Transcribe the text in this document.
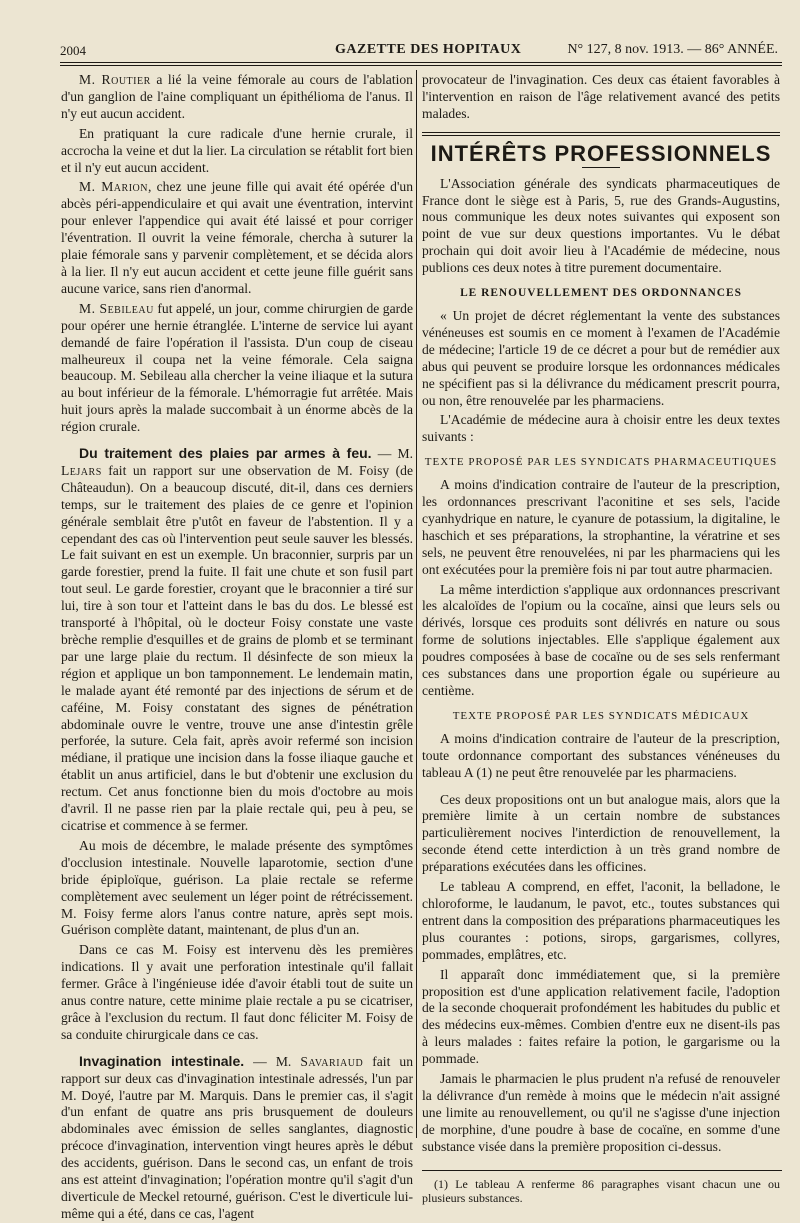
2004	GAZETTE DES HOPITAUX	N° 127, 8 nov. 1913. — 86° ANNÉE.

M. Routier a lié la veine fémorale au cours de l'ablation d'un ganglion de l'aine compliquant un épithélioma de l'anus. Il n'y eut aucun accident.

En pratiquant la cure radicale d'une hernie crurale, il accrocha la veine et dut la lier. La circulation se rétablit fort bien et il n'y eut aucun accident.

M. Marion, chez une jeune fille qui avait été opérée d'un abcès péri-appendiculaire et qui avait une éventration, intervint pour enlever l'appendice qui avait été laissé et pour corriger l'éventration. Il ouvrit la veine fémorale, chercha à suturer la plaie fémorale sans y parvenir complètement, et se décida alors à la lier. Il n'y eut aucun accident et cette jeune fille guérit sans aucune varice, sans rien d'anormal.

M. Sebileau fut appelé, un jour, comme chirurgien de garde pour opérer une hernie étranglée. L'interne de service lui ayant demandé de faire l'opération il l'assista. D'un coup de ciseau malheureux il coupa net la veine fémorale. Cela saigna beaucoup. M. Sebileau alla chercher la veine iliaque et la sutura au bout inférieur de la fémorale. L'hémorragie fut arrêtée. Mais huit jours après la malade succombait à un énorme abcès de la région crurale.

Du traitement des plaies par armes à feu. — M. Lejars fait un rapport sur une observation de M. Foisy (de Châteaudun). On a beaucoup discuté, dit-il, dans ces derniers temps, sur le traitement des plaies de ce genre et l'opinion générale semblait être p'utôt en faveur de l'abstention. Il y a cependant des cas où l'intervention peut seule sauver les blessés. Le fait suivant en est un exemple. Un braconnier, surpris par un garde forestier, prend la fuite. Il fait une chute et son fusil part tout seul. Le garde forestier, croyant que le braconnier a tiré sur lui, tire à son tour et l'atteint dans le bas du dos. Le blessé est transporté à l'hôpital, où le docteur Foisy constate une vaste brèche remplie d'esquilles et de grains de plomb et se terminant par une large plaie du rectum. Il désinfecte de son mieux la région et applique un bon tamponnement. Le lendemain matin, le malade ayant été remonté par des injections de sérum et de caféine, M. Foisy constatant des signes de pénétration abdominale ouvre le ventre, trouve une anse d'intestin grêle perforée, la suture. Cela fait, après avoir refermé son incision médiane, il pratique une incision dans la fosse iliaque gauche et établit un anus artificiel, dans le but d'obtenir une exclusion du rectum. Cet anus fonctionne bien du mois d'octobre au mois d'avril. Il ne passe rien par la plaie rectale qui, peu à peu, se cicatrise et commence à se fermer.

Au mois de décembre, le malade présente des symptômes d'occlusion intestinale. Nouvelle laparotomie, section d'une bride épiploïque, guérison. La plaie rectale se referme complètement avec seulement un léger point de rétrécissement. M. Foisy ferme alors l'anus contre nature, après sept mois. Guérison complète datant, maintenant, de plus d'un an.

Dans ce cas M. Foisy est intervenu dès les premières indications. Il y avait une perforation intestinale qu'il fallait fermer. Grâce à l'ingénieuse idée d'avoir établi tout de suite un anus contre nature, cette minime plaie rectale a pu se cicatriser, grâce à l'exclusion du rectum. Il faut donc féliciter M. Foisy de sa conduite chirurgicale dans ce cas.

Invagination intestinale. — M. Savariaud fait un rapport sur deux cas d'invagination intestinale adressés, l'un par M. Doyé, l'autre par M. Marquis. Dans le premier cas, il s'agit d'un enfant de quatre ans pris brusquement de douleurs abdominales avec émission de selles sanglantes, diagnostic précoce d'invagination, intervention vingt heures après le début des accidents, guérison. Dans le second cas, un enfant de trois ans est atteint d'invagination; l'opération montre qu'il s'agit d'un diverticule de Meckel retourné, guérison. C'est le diverticule lui-même qui a été, dans ce cas, l'agent

provocateur de l'invagination. Ces deux cas étaient favorables à l'intervention en raison de l'âge relativement avancé des petits malades.

INTÉRÊTS PROFESSIONNELS

L'Association générale des syndicats pharmaceutiques de France dont le siège est à Paris, 5, rue des Grands-Augustins, nous communique les deux notes suivantes qui exposent son point de vue sur deux questions importantes. Vu le débat prochain qui doit avoir lieu à l'Académie de médecine, nous publions ces deux notes à titre purement documentaire.

LE RENOUVELLEMENT DES ORDONNANCES

« Un projet de décret réglementant la vente des substances vénéneuses est soumis en ce moment à l'examen de l'Académie de médecine; l'article 19 de ce décret a pour but de remédier aux abus qui peuvent se produire lorsque les ordonnances médicales ne spécifient pas si la délivrance du médicament prescrit pourra, ou non, être renouvelée par les pharmaciens.

L'Académie de médecine aura à choisir entre les deux textes suivants :

TEXTE PROPOSÉ PAR LES SYNDICATS PHARMACEUTIQUES

A moins d'indication contraire de l'auteur de la prescription, les ordonnances prescrivant l'aconitine et ses sels, l'acide cyanhydrique en nature, le cyanure de potassium, la digitaline, le haschich et ses préparations, la strophantine, la vératrine et ses sels, ne peuvent être renouvelées, ni par les pharmaciens qui les ont exécutées pour la première fois ni par tout autre pharmacien.

La même interdiction s'applique aux ordonnances prescrivant les alcaloïdes de l'opium ou la cocaïne, ainsi que leurs sels ou dérivés, lorsque ces produits sont délivrés en nature ou sous forme de solutions injectables. Elle s'applique également aux poudres composées à base de cocaïne ou de ses sels renfermant ces substances dans une proportion égale ou supérieure au centième.

TEXTE PROPOSÉ PAR LES SYNDICATS MÉDICAUX

A moins d'indication contraire de l'auteur de la prescription, toute ordonnance comportant des substances vénéneuses du tableau A (1) ne peut être renouvelée par les pharmaciens.

Ces deux propositions ont un but analogue mais, alors que la première limite à un certain nombre de substances particulièrement nocives l'interdiction de renouvellement, la seconde étend cette interdiction à un très grand nombre de préparations exécutées dans les officines.

Le tableau A comprend, en effet, l'aconit, la belladone, le chloroforme, le laudanum, le pavot, etc., toutes substances qui entrent dans la composition des préparations pharmaceutiques les plus courantes : potions, sirops, gargarismes, collyres, pommades, emplâtres, etc.

Il apparaît donc immédiatement que, si la première proposition est d'une application relativement facile, l'adoption de la seconde choquerait profondément les habitudes du public et des médecins eux-mêmes. Combien d'entre eux ne disent-ils pas à leurs malades : faites refaire la potion, le gargarisme ou la pommade.

Jamais le pharmacien le plus prudent n'a refusé de renouveler la délivrance d'un remède à moins que le médecin n'ait assigné une limite au renouvellement, ou qu'il ne s'agisse d'une injection de morphine, d'une poudre à base de cocaïne, en somme d'une substance visée dans la première proposition ci-dessus.

(1) Le tableau A renferme 86 paragraphes visant chacun une ou plusieurs substances.
